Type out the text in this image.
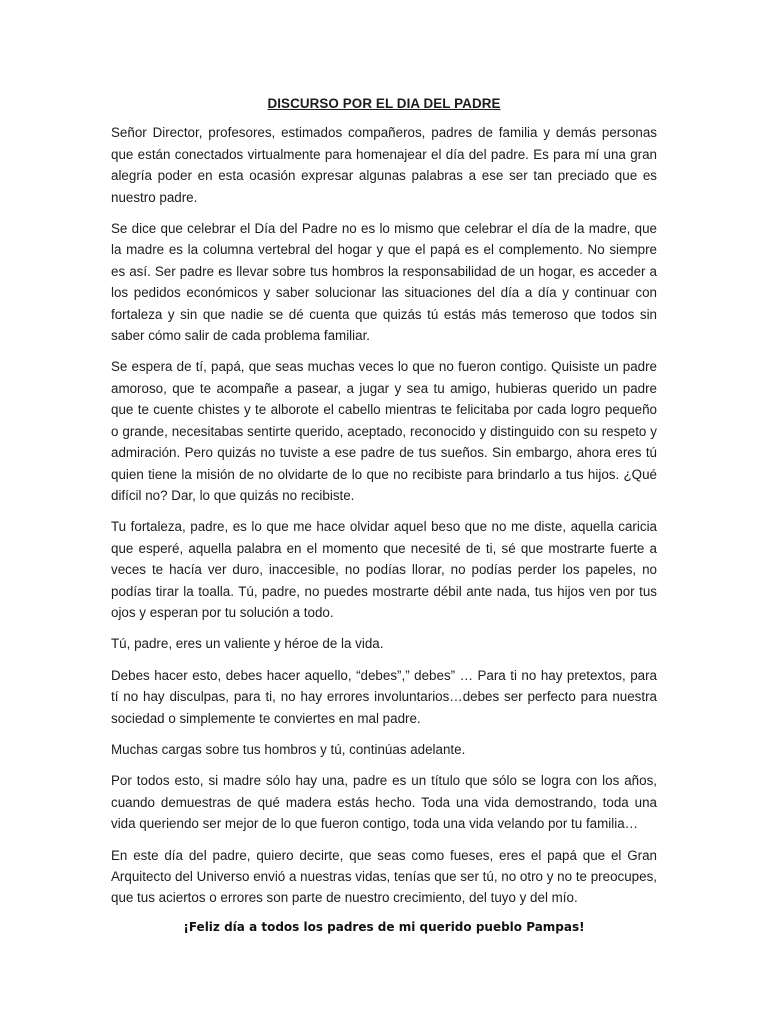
DISCURSO POR EL DIA DEL PADRE

Señor Director, profesores, estimados compañeros, padres de familia y demás personas que están conectados virtualmente para homenajear el día del padre. Es para mí una gran alegría poder en esta ocasión expresar algunas palabras a ese ser tan preciado que es nuestro padre.

Se dice que celebrar el Día del Padre no es lo mismo que celebrar el día de la madre, que la madre es la columna vertebral del hogar y que el papá es el complemento. No siempre es así. Ser padre es llevar sobre tus hombros la responsabilidad de un hogar, es acceder a los pedidos económicos y saber solucionar las situaciones del día a día y continuar con fortaleza y sin que nadie se dé cuenta que quizás tú estás más temeroso que todos sin saber cómo salir de cada problema familiar.

Se espera de tí, papá, que seas muchas veces lo que no fueron contigo. Quisiste un padre amoroso, que te acompañe a pasear, a jugar y sea tu amigo, hubieras querido un padre que te cuente chistes y te alborote el cabello mientras te felicitaba por cada logro pequeño o grande, necesitabas sentirte querido, aceptado, reconocido y distinguido con su respeto y admiración. Pero quizás no tuviste a ese padre de tus sueños. Sin embargo, ahora eres tú quien tiene la misión de no olvidarte de lo que no recibiste para brindarlo a tus hijos. ¿Qué difícil no? Dar, lo que quizás no recibiste.

Tu fortaleza, padre, es lo que me hace olvidar aquel beso que no me diste, aquella caricia que esperé, aquella palabra en el momento que necesité de ti, sé que mostrarte fuerte a veces te hacía ver duro, inaccesible, no podías llorar, no podías perder los papeles, no podías tirar la toalla. Tú, padre, no puedes mostrarte débil ante nada, tus hijos ven por tus ojos y esperan por tu solución a todo.

Tú, padre, eres un valiente y héroe de la vida.

Debes hacer esto, debes hacer aquello, “debes”,” debes” … Para ti no hay pretextos, para tí no hay disculpas, para ti, no hay errores involuntarios…debes ser perfecto para nuestra sociedad o simplemente te conviertes en mal padre.

Muchas cargas sobre tus hombros y tú, continúas adelante.

Por todos esto, si madre sólo hay una, padre es un título que sólo se logra con los años, cuando demuestras de qué madera estás hecho. Toda una vida demostrando, toda una vida queriendo ser mejor de lo que fueron contigo, toda una vida velando por tu familia…

En este día del padre, quiero decirte, que seas como fueses, eres el papá que el Gran Arquitecto del Universo envió a nuestras vidas, tenías que ser tú, no otro y no te preocupes, que tus aciertos o errores son parte de nuestro crecimiento, del tuyo y del mío.

¡Feliz día a todos los padres de mi querido pueblo Pampas!
